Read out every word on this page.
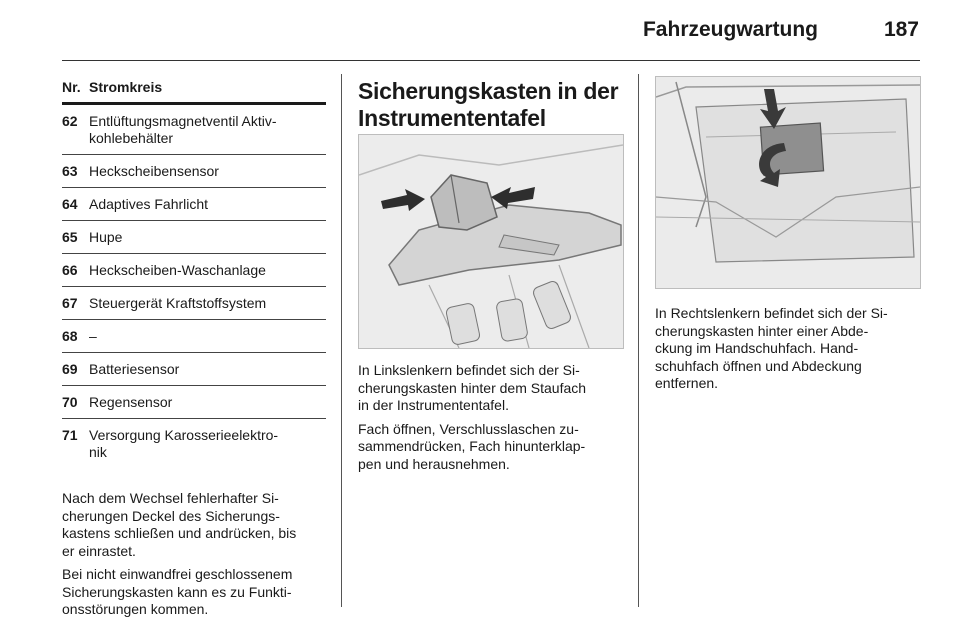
Fahrzeugwartung	187
Nr. Stromkreis
62 Entlüftungsmagnetventil Aktiv-
kohlebehälter
63 Heckscheibensensor
64 Adaptives Fahrlicht
65 Hupe
66 Heckscheiben-Waschanlage
67 Steuergerät Kraftstoffsystem
68 –
69 Batteriesensor
70 Regensensor
71 Versorgung Karosserieelektro-
nik

Nach dem Wechsel fehlerhafter Si-
cherungen Deckel des Sicherungs-
kastens schließen und andrücken, bis
er einrastet.

Bei nicht einwandfrei geschlossenem
Sicherungskasten kann es zu Funkti-
onsstörungen kommen.

Sicherungskasten in der
Instrumententafel

In Linkslenkern befindet sich der Si-
cherungskasten hinter dem Staufach
in der Instrumententafel.

Fach öffnen, Verschlusslaschen zu-
sammendrücken, Fach hinunterklap-
pen und herausnehmen.

In Rechtslenkern befindet sich der Si-
cherungskasten hinter einer Abde-
ckung im Handschuhfach. Hand-
schuhfach öffnen und Abdeckung
entfernen.
